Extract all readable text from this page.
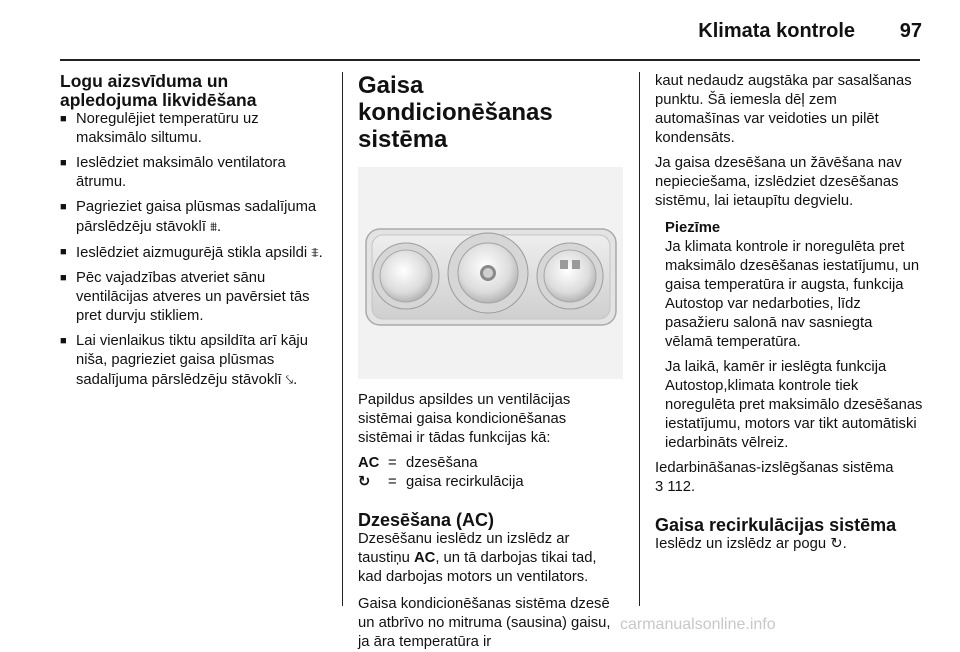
Klimata kontrole	97
Logu aizsvīduma un apledojuma likvidēšana
■ Noregulējiet temperatūru uz maksimālo siltumu.
■ Ieslēdziet maksimālo ventilatora ātrumu.
■ Pagrieziet gaisa plūsmas sadalījuma pārslēdzēju stāvoklī ⩩.
■ Ieslēdziet aizmugurējā stikla apsildi ⩨.
■ Pēc vajadzības atveriet sānu ventilācijas atveres un pavērsiet tās pret durvju stikliem.
■ Lai vienlaikus tiktu apsildīta arī kāju niša, pagrieziet gaisa plūsmas sadalījuma pārslēdzēju stāvoklī ⤥.
Gaisa kondicionēšanas sistēma

Papildus apsildes un ventilācijas sistēmai gaisa kondicionēšanas sistēmai ir tādas funkcijas kā:

AC = dzesēšana
↻	= gaisa recirkulācija
Dzesēšana (AC)

Dzesēšanu ieslēdz un izslēdz ar taustiņu AC, un tā darbojas tikai tad, kad darbojas motors un ventilators.

Gaisa kondicionēšanas sistēma dzesē un atbrīvo no mitruma (sausina) gaisu, ja āra temperatūra ir

kaut nedaudz augstāka par sasalšanas punktu. Šā iemesla dēļ zem automašīnas var veidoties un pilēt kondensāts.

Ja gaisa dzesēšana un žāvēšana nav nepieciešama, izslēdziet dzesēšanas sistēmu, lai ietaupītu degvielu.

Piezīme

Ja klimata kontrole ir noregulēta pret maksimālo dzesēšanas iestatījumu, un gaisa temperatūra ir augsta, funkcija Autostop var nedarboties, līdz pasažieru salonā nav sasniegta vēlamā temperatūra.

Ja laikā, kamēr ir ieslēgta funkcija Autostop,klimata kontrole tiek noregulēta pret maksimālo dzesēšanas iestatījumu, motors var tikt automātiski iedarbināts vēlreiz.

Iedarbināšanas-izslēgšanas sistēma
3 112.

Gaisa recirkulācijas sistēma

Ieslēdz un izslēdz ar pogu ↻.

carmanualsonline.info
